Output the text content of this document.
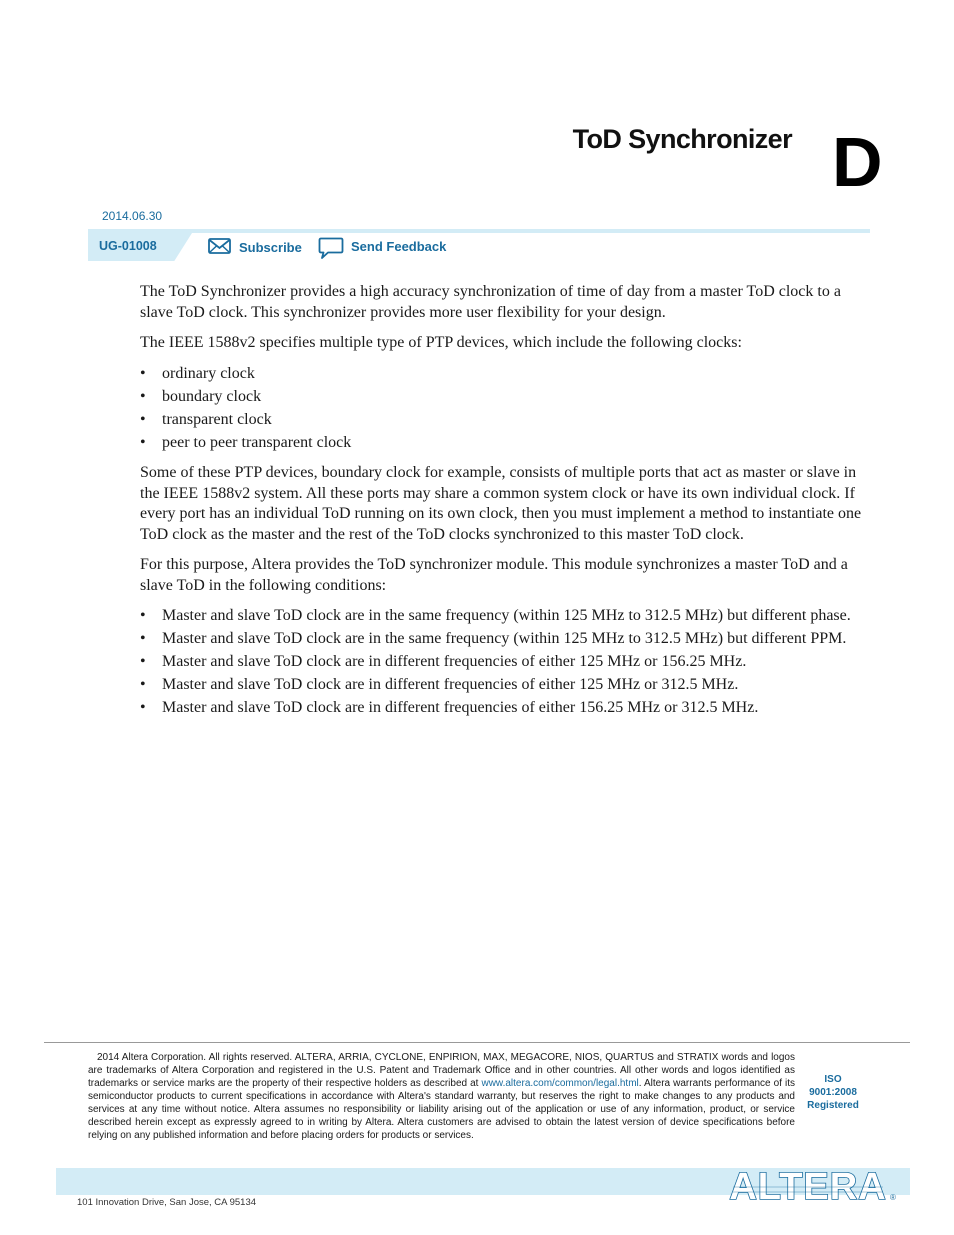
ToD Synchronizer D
2014.06.30
UG-01008	Subscribe	Send Feedback

The ToD Synchronizer provides a high accuracy synchronization of time of day from a master ToD clock to a slave ToD clock. This synchronizer provides more user flexibility for your design.

The IEEE 1588v2 specifies multiple type of PTP devices, which include the following clocks:

• ordinary clock
• boundary clock
• transparent clock
• peer to peer transparent clock

Some of these PTP devices, boundary clock for example, consists of multiple ports that act as master or slave in the IEEE 1588v2 system. All these ports may share a common system clock or have its own individual clock. If every port has an individual ToD running on its own clock, then you must implement a method to instantiate one ToD clock as the master and the rest of the ToD clocks synchronized to this master ToD clock.

For this purpose, Altera provides the ToD synchronizer module. This module synchronizes a master ToD and a slave ToD in the following conditions:

• Master and slave ToD clock are in the same frequency (within 125 MHz to 312.5 MHz) but different phase.
• Master and slave ToD clock are in the same frequency (within 125 MHz to 312.5 MHz) but different PPM.
• Master and slave ToD clock are in different frequencies of either 125 MHz or 156.25 MHz.
• Master and slave ToD clock are in different frequencies of either 125 MHz or 312.5 MHz.
• Master and slave ToD clock are in different frequencies of either 156.25 MHz or 312.5 MHz.
2014 Altera Corporation. All rights reserved. ALTERA, ARRIA, CYCLONE, ENPIRION, MAX, MEGACORE, NIOS, QUARTUS and STRATIX words and logos are trademarks of Altera Corporation and registered in the U.S. Patent and Trademark Office and in other countries. All other words and logos identified as trademarks or service marks are the property of their respective holders as described at www.altera.com/common/legal.html. Altera warrants performance of its semiconductor products to current specifications in accordance with Altera's standard warranty, but reserves the right to make changes to any products and services at any time without notice. Altera assumes no responsibility or liability arising out of the application or use of any information, product, or service described herein except as expressly agreed to in writing by Altera. Altera customers are advised to obtain the latest version of device specifications before relying on any published information and before placing orders for products or services.
ISO
9001:2008
Registered
101 Innovation Drive, San Jose, CA 95134	ALTERA ®
